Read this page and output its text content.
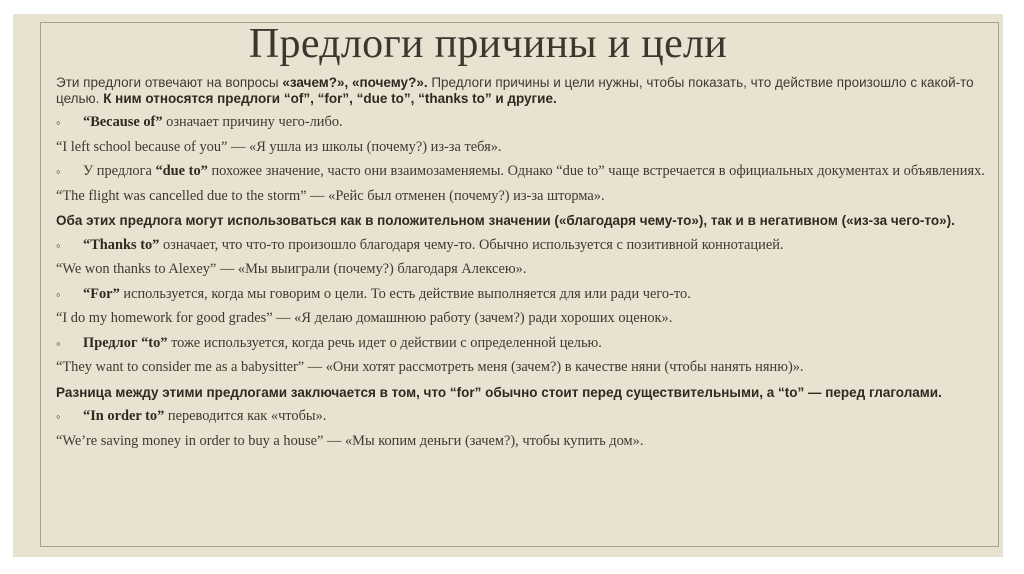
Предлоги причины и цели

Эти предлоги отвечают на вопросы «зачем?», «почему?». Предлоги причины и цели нужны, чтобы показать, что действие произошло с какой-то целью. К ним относятся предлоги “of”, “for”, “due to”, “thanks to” и другие.

◦ “Because of” означает причину чего-либо.

“I left school because of you” — «Я ушла из школы (почему?) из-за тебя».

◦ У предлога “due to” похожее значение, часто они взаимозаменяемы. Однако “due to” чаще встречается в официальных документах и объявлениях.

“The flight was cancelled due to the storm” — «Рейс был отменен (почему?) из-за шторма».

Оба этих предлога могут использоваться как в положительном значении («благодаря чему-то»), так и в негативном («из-за чего-то»).

◦ “Thanks to” означает, что что-то произошло благодаря чему-то. Обычно используется с позитивной коннотацией.

“We won thanks to Alexey” — «Мы выиграли (почему?) благодаря Алексею».

◦ “For” используется, когда мы говорим о цели. То есть действие выполняется для или ради чего-то.

“I do my homework for good grades” — «Я делаю домашнюю работу (зачем?) ради хороших оценок».

◦ Предлог “to” тоже используется, когда речь идет о действии с определенной целью.

“They want to consider me as a babysitter” — «Они хотят рассмотреть меня (зачем?) в качестве няни (чтобы нанять няню)».

Разница между этими предлогами заключается в том, что “for” обычно стоит перед существительными, а “to” — перед глаголами.

◦ “In order to” переводится как «чтобы».

“We’re saving money in order to buy a house” — «Мы копим деньги (зачем?), чтобы купить дом».
